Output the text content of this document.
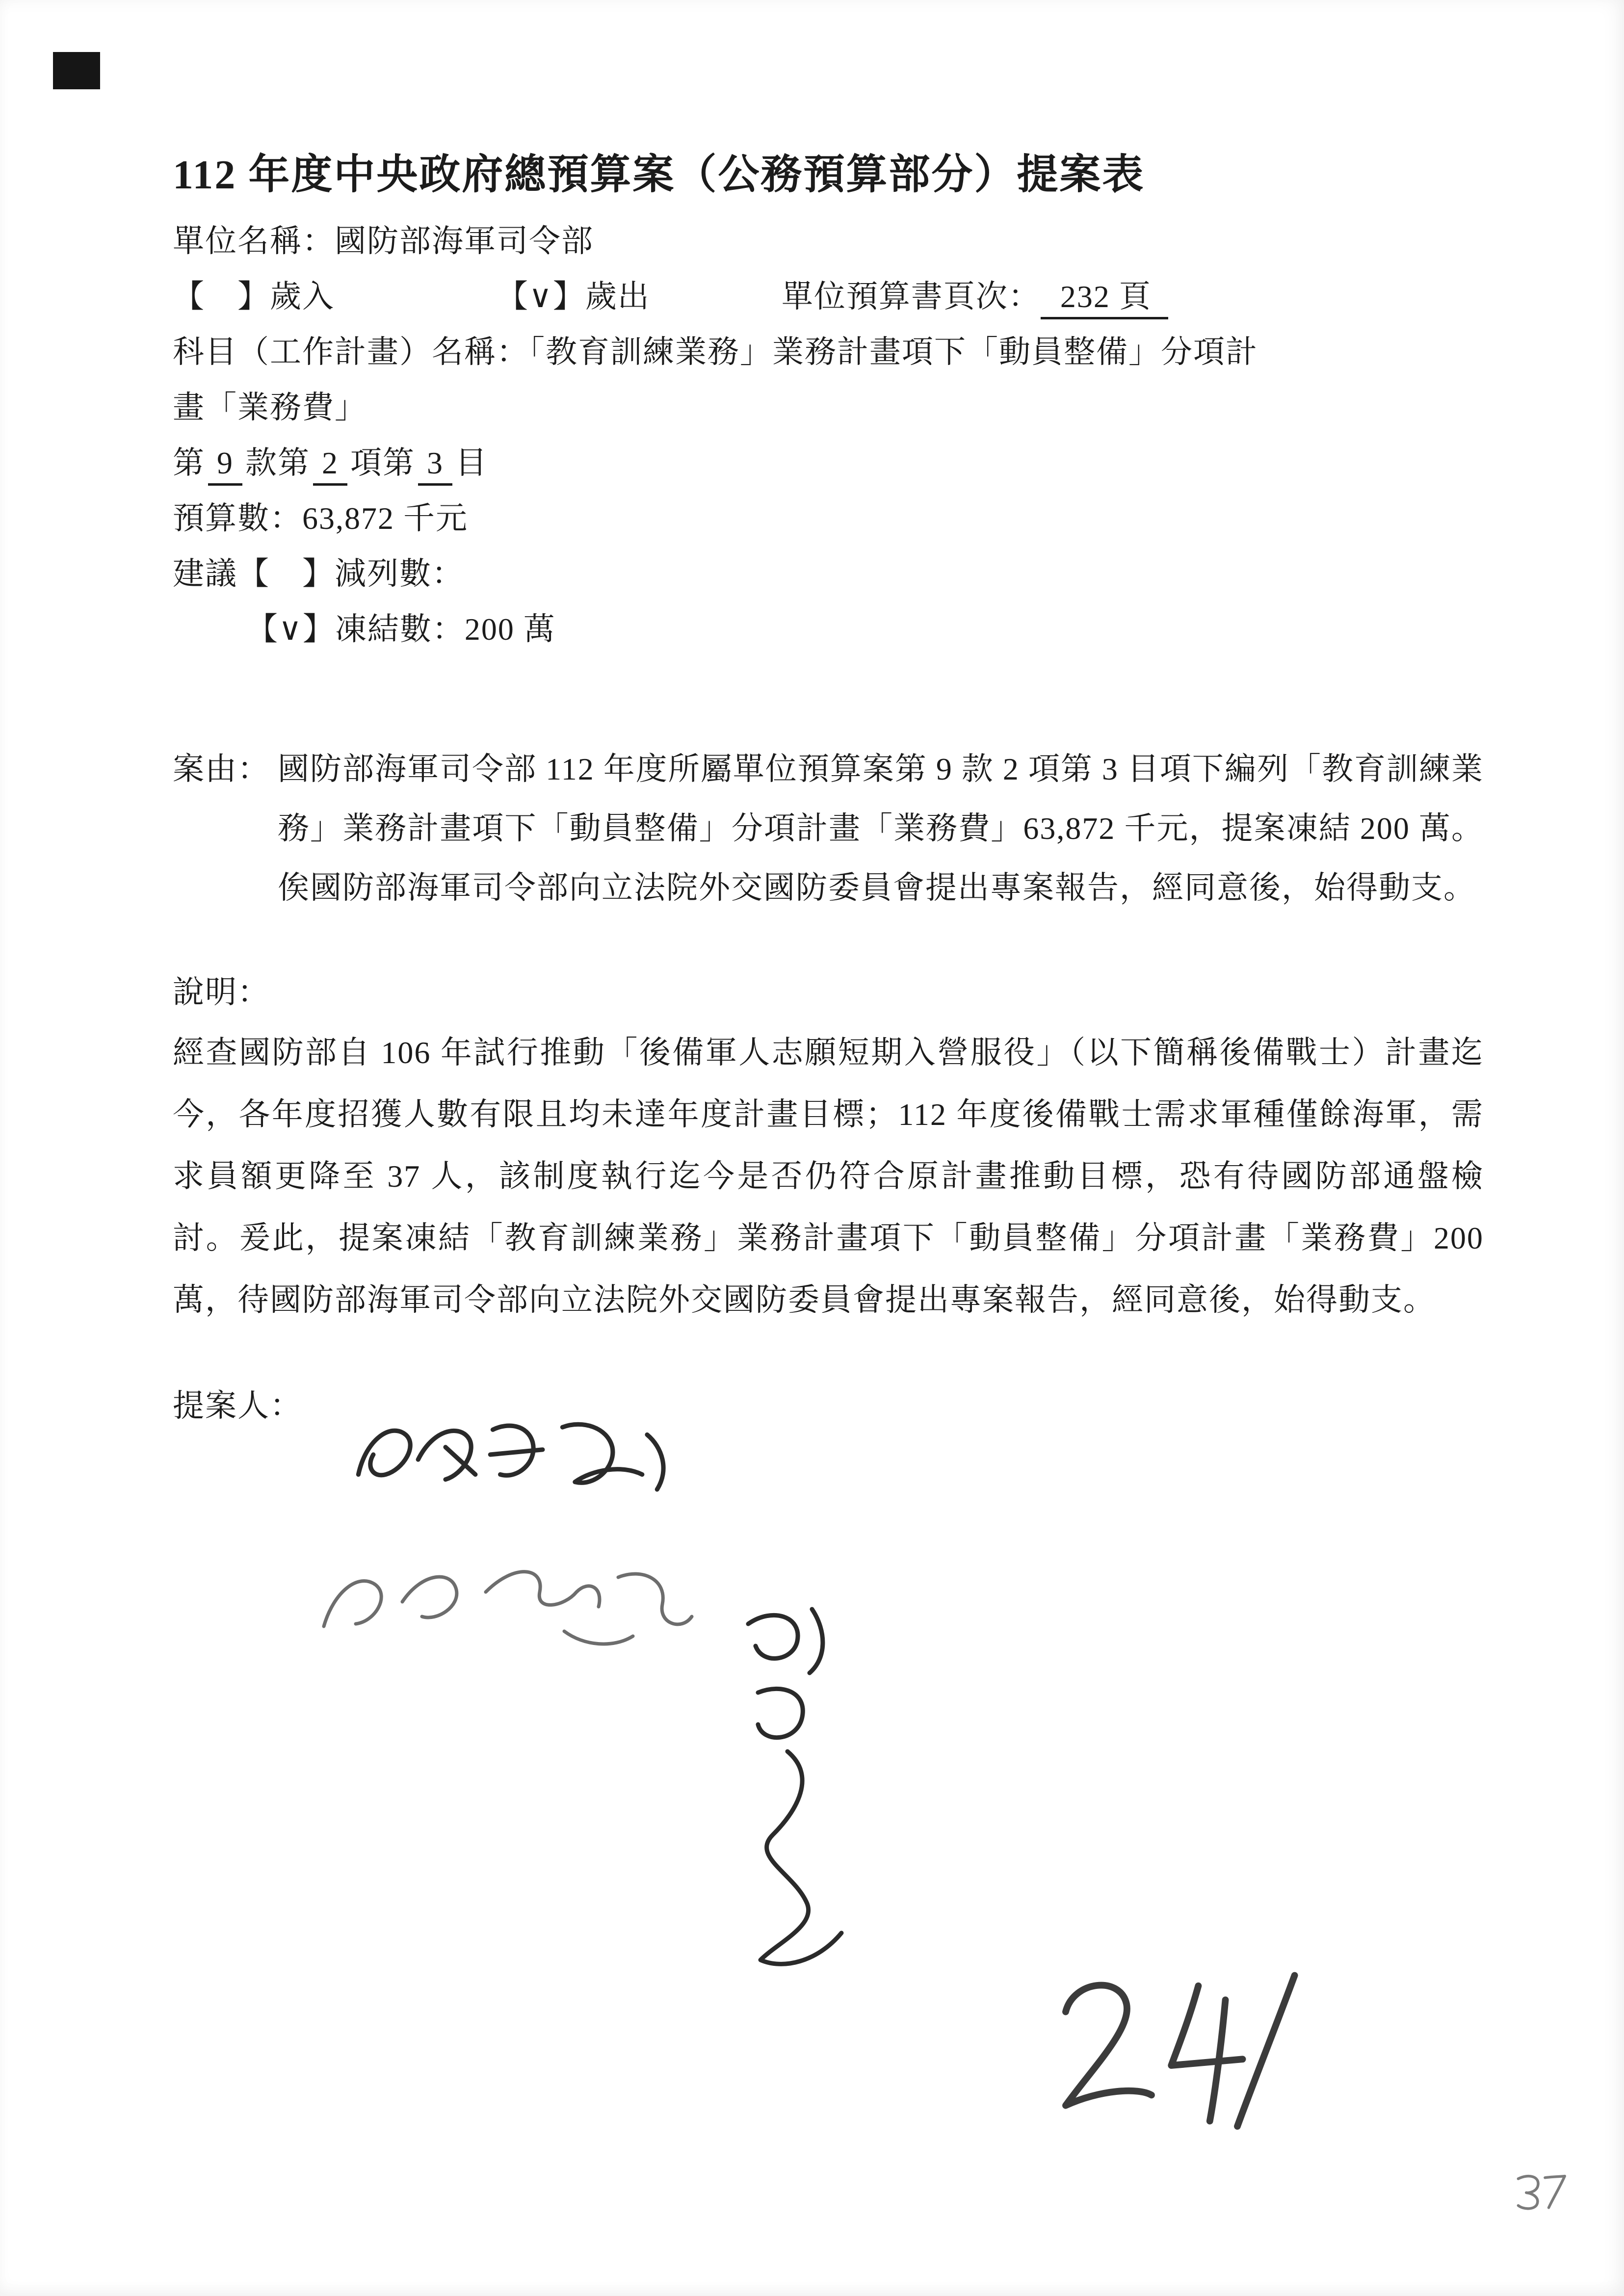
112 年度中央政府總預算案（公務預算部分）提案表
單位名稱：國防部海軍司令部
【　】歲入	【∨】歲出	單位預算書頁次： 232 頁
科目（工作計畫）名稱：「教育訓練業務」業務計畫項下「動員整備」分項計
畫「業務費」
第 9 款第 2 項第 3 目
預算數：63,872 千元
建議【　】減列數：
【∨】凍結數：200 萬
案由： 國防部海軍司令部 112 年度所屬單位預算案第 9 款 2 項第 3 目項下編列「教育訓練業務」業務計畫項下「動員整備」分項計畫「業務費」63,872 千元，提案凍結 200 萬。俟國防部海軍司令部向立法院外交國防委員會提出專案報告，經同意後，始得動支。
說明：
經查國防部自 106 年試行推動「後備軍人志願短期入營服役」（以下簡稱後備戰士）計畫迄今，各年度招獲人數有限且均未達年度計畫目標；112 年度後備戰士需求軍種僅餘海軍，需求員額更降至 37 人，該制度執行迄今是否仍符合原計畫推動目標，恐有待國防部通盤檢討。爰此，提案凍結「教育訓練業務」業務計畫項下「動員整備」分項計畫「業務費」200 萬，待國防部海軍司令部向立法院外交國防委員會提出專案報告，經同意後，始得動支。
提案人：
